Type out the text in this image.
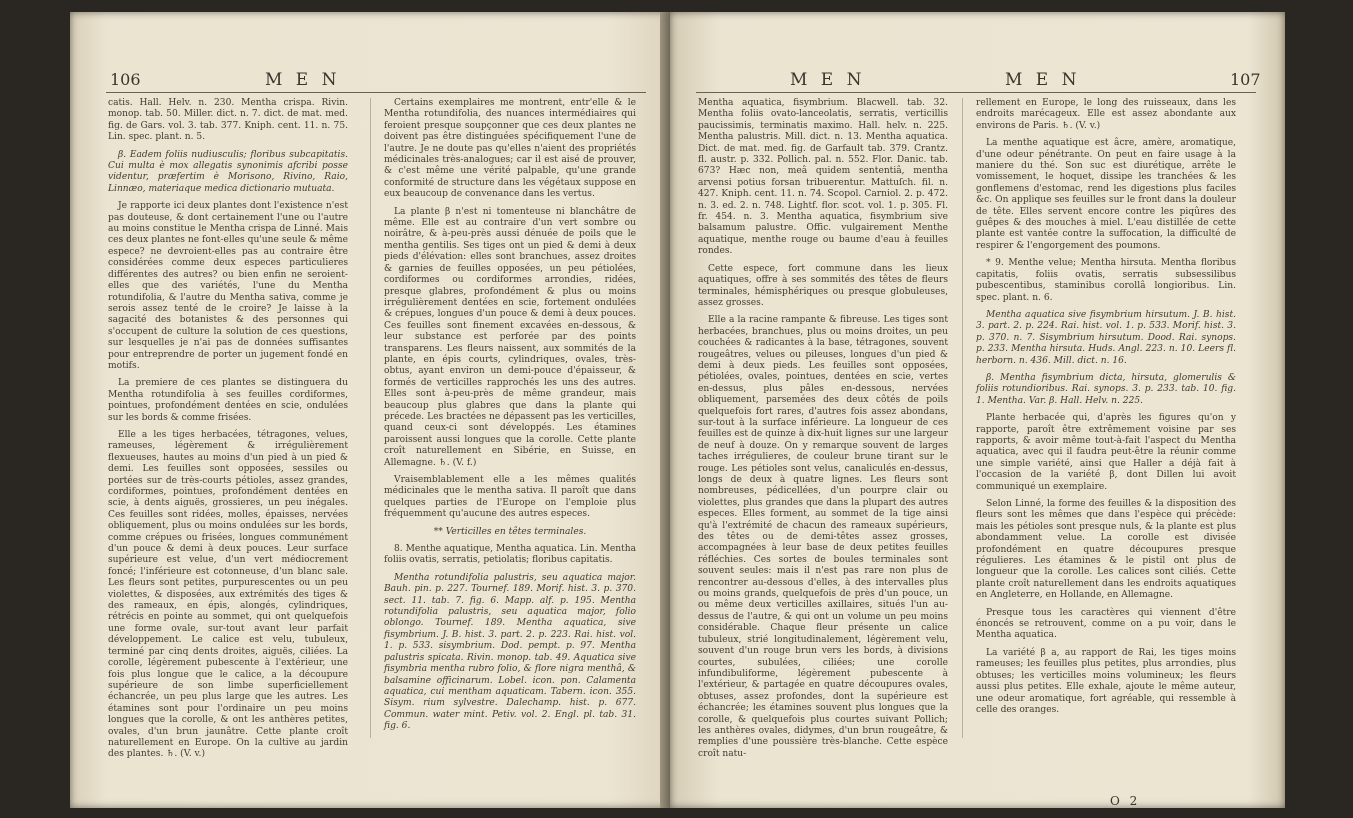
106	M E N

catis. Hall. Helv. n. 230. Mentha crispa. Rivin. monop. tab. 50. Miller. dict. n. 7. dict. de mat. med. fig. de Gars. vol. 3. tab. 377. Kniph. cent. 11. n. 75. Lin. spec. plant. n. 5.

β. Eadem foliis nudiusculis; floribus subcapitatis. Cui multa è mox allegatis synonimis afcribi posse videntur, præfertim è Morisono, Rivino, Raio, Linnæo, materiaque medica dictionario mutuata.

Je rapporte ici deux plantes dont l'existence n'est pas douteuse, & dont certainement l'une ou l'autre au moins constitue le Mentha crispa de Linné. Mais ces deux plantes ne font-elles qu'une seule & même espece? ne devroient-elles pas au contraire être considérées comme deux especes particulieres différentes des autres? ou bien enfin ne seroient-elles que des variétés, l'une du Mentha rotundifolia, & l'autre du Mentha sativa, comme je serois assez tenté de le croire? Je laisse à la sagacité des botanistes & des personnes qui s'occupent de culture la solution de ces questions, sur lesquelles je n'ai pas de données suffisantes pour entreprendre de porter un jugement fondé en motifs.

La premiere de ces plantes se distinguera du Mentha rotundifolia à ses feuilles cordiformes, pointues, profondément dentées en scie, ondulées sur les bords & comme frisées.

Elle a les tiges herbacées, tétragones, velues, rameuses, légèrement & irrégulièrement flexueuses, hautes au moins d'un pied à un pied & demi. Les feuilles sont opposées, sessiles ou portées sur de très-courts pétioles, assez grandes, cordiformes, pointues, profondément dentées en scie, à dents aiguës, grossieres, un peu inégales. Ces feuilles sont ridées, molles, épaisses, nervées obliquement, plus ou moins ondulées sur les bords, comme crépues ou frisées, longues communément d'un pouce & demi à deux pouces. Leur surface supérieure est velue, d'un vert médiocrement foncé; l'inférieure est cotonneuse, d'un blanc sale. Les fleurs sont petites, purpurescentes ou un peu violettes, & disposées, aux extrémités des tiges & des rameaux, en épis, alongés, cylindriques, rétrécis en pointe au sommet, qui ont quelquefois une forme ovale, sur-tout avant leur parfait développement. Le calice est velu, tubuleux, terminé par cinq dents droites, aiguës, ciliées. La corolle, légèrement pubescente à l'extérieur, une fois plus longue que le calice, a la découpure supérieure de son limbe superficiellement échancrée, un peu plus large que les autres. Les étamines sont pour l'ordinaire un peu moins longues que la corolle, & ont les anthères petites, ovales, d'un brun jaunâtre. Cette plante croît naturellement en Europe. On la cultive au jardin des plantes. ♄. (V. v.)

Certains exemplaires me montrent, entr'elle & le Mentha rotundifolia, des nuances intermédiaires qui feroient presque soupçonner que ces deux plantes ne doivent pas être distinguées spécifiquement l'une de l'autre. Je ne doute pas qu'elles n'aient des propriétés médicinales très-analogues; car il est aisé de prouver, & c'est même une vérité palpable, qu'une grande conformité de structure dans les végétaux suppose en eux beaucoup de convenance dans les vertus.

La plante β n'est ni tomenteuse ni blanchâtre de même. Elle est au contraire d'un vert sombre ou noirâtre, & à-peu-près aussi dénuée de poils que le mentha gentilis. Ses tiges ont un pied & demi à deux pieds d'élévation: elles sont branchues, assez droites & garnies de feuilles opposées, un peu pétiolées, cordiformes ou cordiformes arrondies, ridées, presque glabres, profondément & plus ou moins irrégulièrement dentées en scie, fortement ondulées & crépues, longues d'un pouce & demi à deux pouces. Ces feuilles sont finement excavées en-dessous, & leur substance est perforée par des points transparens. Les fleurs naissent, aux sommités de la plante, en épis courts, cylindriques, ovales, très-obtus, ayant environ un demi-pouce d'épaisseur, & formés de verticilles rapprochés les uns des autres. Elles sont à-peu-près de même grandeur, mais beaucoup plus glabres que dans la plante qui précede. Les bractées ne dépassent pas les verticilles, quand ceux-ci sont développés. Les étamines paroissent aussi longues que la corolle. Cette plante croît naturellement en Sibérie, en Suisse, en Allemagne. ♄. (V. f.)

Vraisemblablement elle a les mêmes qualités médicinales que le mentha sativa. Il paroît que dans quelques parties de l'Europe on l'emploie plus fréquemment qu'aucune des autres especes.

** Verticilles en têtes terminales.

8. Menthe aquatique, Mentha aquatica. Lin. Mentha foliis ovatis, serratis, petiolatis; floribus capitatis.

Mentha rotundifolia palustris, seu aquatica major. Bauh. pin. p. 227. Tournef. 189. Morif. hist. 3. p. 370. sect. 11. tab. 7. fig. 6. Mapp. alf. p. 195. Mentha rotundifolia palustris, seu aquatica major, folio oblongo. Tournef. 189. Mentha aquatica, sive fisymbrium. J. B. hist. 3. part. 2. p. 223. Rai. hist. vol. 1. p. 533. sisymbrium. Dod. pempt. p. 97. Mentha palustris spicata. Rivin. monop. tab. 49. Aquatica sive fisymbria mentha rubro folio, & flore nigra menthâ, & balsamine officinarum. Lobel. icon. pon. Calamenta aquatica, cui mentham aquaticam. Tabern. icon. 355. Sisym. rium sylvestre. Dalechamp. hist. p. 677. Commun. water mint. Petiv. vol. 2. Engl. pl. tab. 31. fig. 6.

M E N	M E N	107

Mentha aquatica, fisymbrium. Blacwell. tab. 32. Mentha foliis ovato-lanceolatis, serratis, verticillis paucissimis, terminatis maximo. Hall. helv. n. 225. Mentha palustris. Mill. dict. n. 13. Mentha aquatica. Dict. de mat. med. fig. de Garfault tab. 379. Crantz. fl. austr. p. 332. Pollich. pal. n. 552. Flor. Danic. tab. 673? Hæc non, meâ quidem sententiâ, mentha arvensi potius forsan tribuerentur. Mattuſch. fil. n. 427. Kniph. cent. 11. n. 74. Scopol. Carniol. 2. p. 472. n. 3. ed. 2. n. 748. Lightf. flor. scot. vol. 1. p. 305. Fl. fr. 454. n. 3. Mentha aquatica, fisymbrium sive balsamum palustre. Offic. vulgairement Menthe aquatique, menthe rouge ou baume d'eau à feuilles rondes.

Cette espece, fort commune dans les lieux aquatiques, offre à ses sommités des têtes de fleurs terminales, hémisphériques ou presque globuleuses, assez grosses.

Elle a la racine rampante & fibreuse. Les tiges sont herbacées, branchues, plus ou moins droites, un peu couchées & radicantes à la base, tétragones, souvent rougeâtres, velues ou pileuses, longues d'un pied & demi à deux pieds. Les feuilles sont opposées, pétiolées, ovales, pointues, dentées en scie, vertes en-dessus, plus pâles en-dessous, nervées obliquement, parsemées des deux côtés de poils quelquefois fort rares, d'autres fois assez abondans, sur-tout à la surface inférieure. La longueur de ces feuilles est de quinze à dix-huit lignes sur une largeur de neuf à douze. On y remarque souvent de larges taches irrégulieres, de couleur brune tirant sur le rouge. Les pétioles sont velus, canaliculés en-dessus, longs de deux à quatre lignes. Les fleurs sont nombreuses, pédicellées, d'un pourpre clair ou violettes, plus grandes que dans la plupart des autres especes. Elles forment, au sommet de la tige ainsi qu'à l'extrémité de chacun des rameaux supérieurs, des têtes ou de demi-têtes assez grosses, accompagnées à leur base de deux petites feuilles réfléchies. Ces sortes de boules terminales sont souvent seules: mais il n'est pas rare non plus de rencontrer au-dessous d'elles, à des intervalles plus ou moins grands, quelquefois de près d'un pouce, un ou même deux verticilles axillaires, situés l'un au-dessus de l'autre, & qui ont un volume un peu moins considérable. Chaque fleur présente un calice tubuleux, strié longitudinalement, légèrement velu, souvent d'un rouge brun vers les bords, à divisions courtes, subulées, ciliées; une corolle infundibuliforme, légèrement pubescente à l'extérieur, & partagée en quatre découpures ovales, obtuses, assez profondes, dont la supérieure est échancrée; les étamines souvent plus longues que la corolle, & quelquefois plus courtes suivant Pollich; les anthères ovales, didymes, d'un brun rougeâtre, & remplies d'une poussière très-blanche. Cette espèce croît natu-

rellement en Europe, le long des ruisseaux, dans les endroits marécageux. Elle est assez abondante aux environs de Paris. ♄. (V. v.)

La menthe aquatique est âcre, amère, aromatique, d'une odeur pénétrante. On peut en faire usage à la maniere du thé. Son suc est diurétique, arrête le vomissement, le hoquet, dissipe les tranchées & les gonflemens d'estomac, rend les digestions plus faciles &c. On applique ses feuilles sur le front dans la douleur de tête. Elles servent encore contre les piqûres des guêpes & des mouches à miel. L'eau distillée de cette plante est vantée contre la suffocation, la difficulté de respirer & l'engorgement des poumons.

* 9. Menthe velue; Mentha hirsuta. Mentha floribus capitatis, foliis ovatis, serratis subsessilibus pubescentibus, staminibus corollâ longioribus. Lin. spec. plant. n. 6.

Mentha aquatica sive fisymbrium hirsutum. J. B. hist. 3. part. 2. p. 224. Rai. hist. vol. 1. p. 533. Morif. hist. 3. p. 370. n. 7. Sisymbrium hirsutum. Dood. Rai. synops. p. 233. Mentha hirsuta. Huds. Angl. 223. n. 10. Leers fl. herborn. n. 436. Mill. dict. n. 16.

β. Mentha fisymbrium dicta, hirsuta, glomerulis & foliis rotundioribus. Rai. synops. 3. p. 233. tab. 10. fig. 1. Mentha. Var. β. Hall. Helv. n. 225.

Plante herbacée qui, d'après les figures qu'on y rapporte, paroît être extrêmement voisine par ses rapports, & avoir même tout-à-fait l'aspect du Mentha aquatica, avec qui il faudra peut-être la réunir comme une simple variété, ainsi que Haller a déjà fait à l'occasion de la variété β, dont Dillen lui avoit communiqué un exemplaire.

Selon Linné, la forme des feuilles & la disposition des fleurs sont les mêmes que dans l'espèce qui précède: mais les pétioles sont presque nuls, & la plante est plus abondamment velue. La corolle est divisée profondément en quatre découpures presque régulieres. Les étamines & le pistil ont plus de longueur que la corolle. Les calices sont ciliés. Cette plante croît naturellement dans les endroits aquatiques en Angleterre, en Hollande, en Allemagne.

Presque tous les caractères qui viennent d'être énoncés se retrouvent, comme on a pu voir, dans le Mentha aquatica.

La variété β a, au rapport de Rai, les tiges moins rameuses; les feuilles plus petites, plus arrondies, plus obtuses; les verticilles moins volumineux; les fleurs aussi plus petites. Elle exhale, ajoute le même auteur, une odeur aromatique, fort agréable, qui ressemble à celle des oranges.

O 2
